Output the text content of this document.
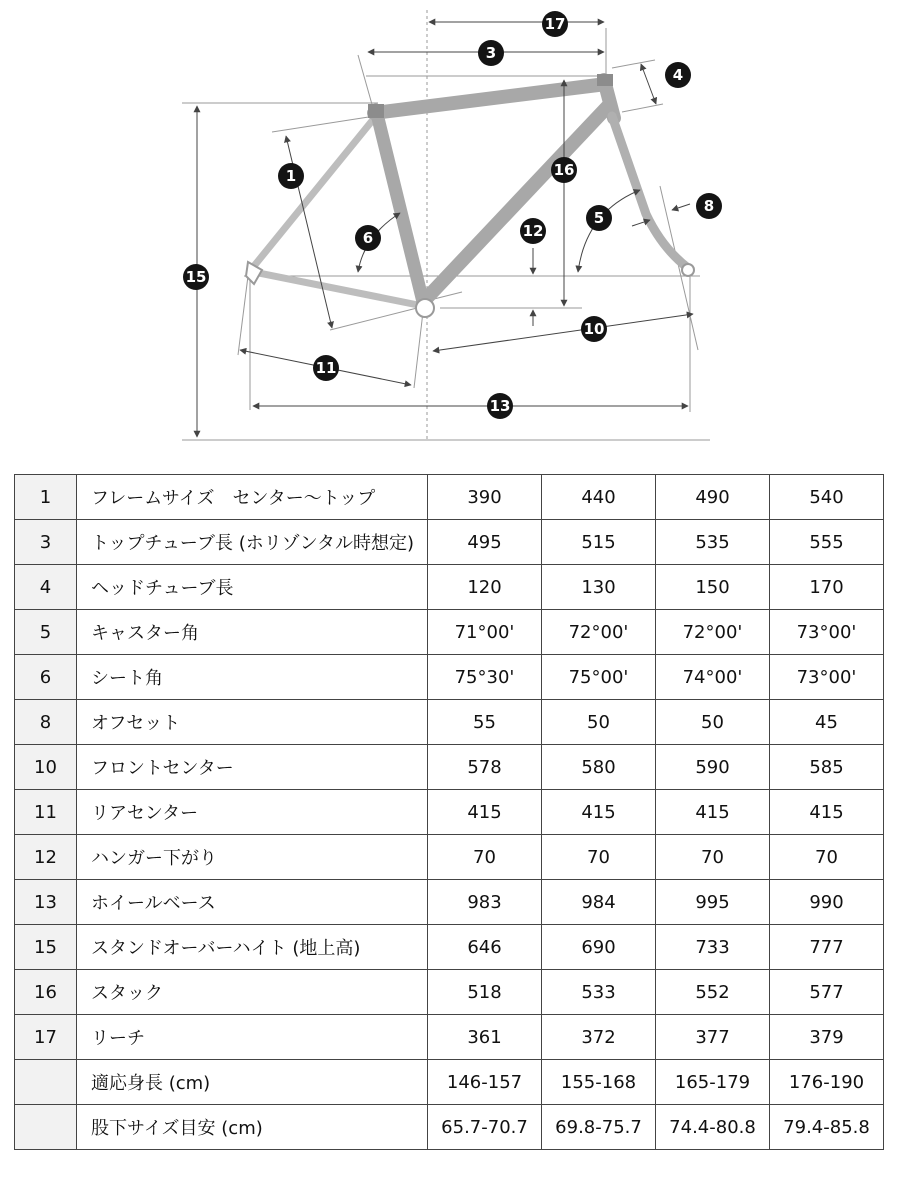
17
3
4
1	16
6	12
5
8
15
10
11
13
1	フレームサイズ　センター〜トップ	390	440	490	540
3	トップチューブ長 (ホリゾンタル時想定)	495	515	535	555
4	ヘッドチューブ長	120	130	150	170
5	キャスター角	71°00'	72°00'	72°00'	73°00'
6	シート角	75°30'	75°00'	74°00'	73°00'
8	オフセット	55	50	50	45
10	フロントセンター	578	580	590	585
11	リアセンター	415	415	415	415
12	ハンガー下がり	70	70	70	70
13	ホイールベース	983	984	995	990
15	スタンドオーバーハイト (地上高)	646	690	733	777
16	スタック	518	533	552	577
17	リーチ	361	372	377	379
	適応身長 (cm)	146-157	155-168	165-179	176-190
	股下サイズ目安 (cm)	65.7-70.7	69.8-75.7	74.4-80.8	79.4-85.8
